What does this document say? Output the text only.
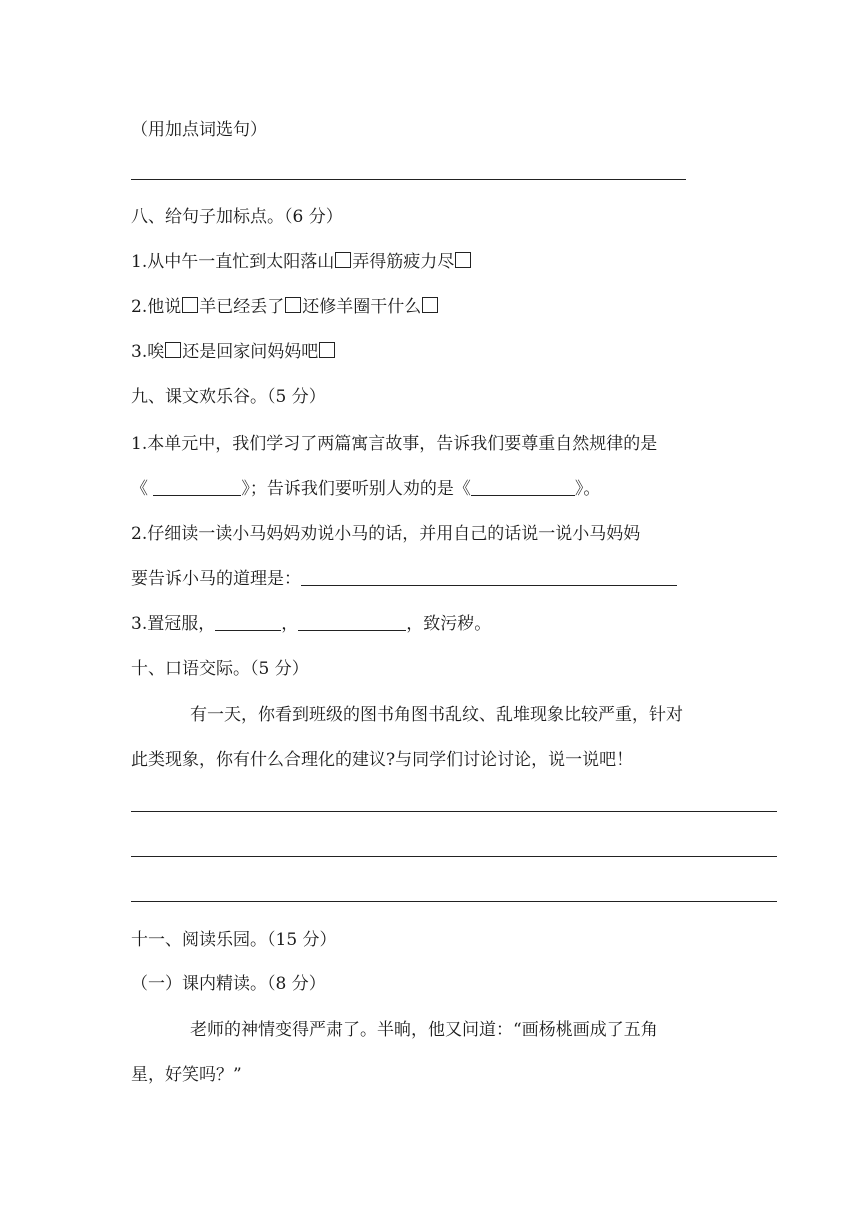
（用加点词选句）
八、给句子加标点。（6 分）
1.从中午一直忙到太阳落山 弄得筋疲力尽
2.他说 羊已经丢了 还修羊圈干什么
3.唉 还是回家问妈妈吧
九、课文欢乐谷。（5 分）
1.本单元中，我们学习了两篇寓言故事，告诉我们要尊重自然规律的是
《	》；告诉我们要听别人劝的是《	》。
2.仔细读一读小马妈妈劝说小马的话，并用自己的话说一说小马妈妈
要告诉小马的道理是：
3.置冠服，	，	，致污秽。
十、口语交际。（5 分）
有一天，你看到班级的图书角图书乱纹、乱堆现象比较严重，针对
此类现象，你有什么合理化的建议?与同学们讨论讨论，说一说吧！
十一、阅读乐园。（15 分）
（一）课内精读。（8 分）
老师的神情变得严肃了。半晌，他又问道：“画杨桃画成了五角
星，好笑吗？”
